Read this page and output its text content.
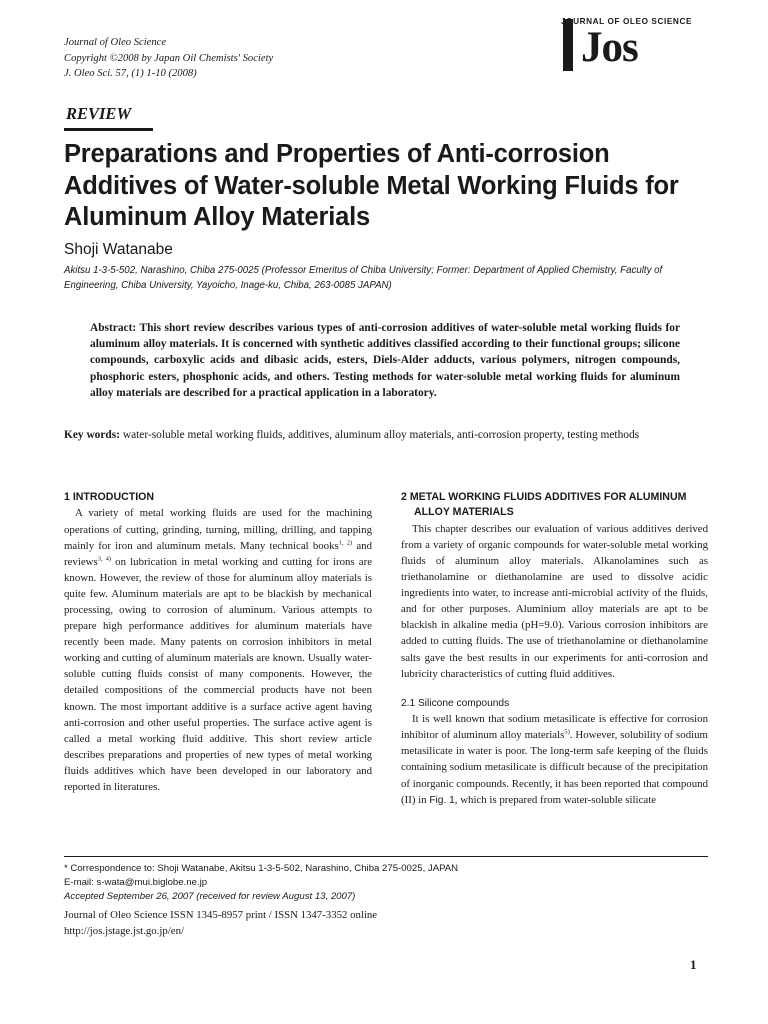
Journal of Oleo Science
Copyright ©2008 by Japan Oil Chemists' Society
J. Oleo Sci. 57, (1) 1-10 (2008)
JOURNAL OF OLEO SCIENCE
Jos
REVIEW
Preparations and Properties of Anti-corrosion Additives of Water-soluble Metal Working Fluids for Aluminum Alloy Materials
Shoji Watanabe
Akitsu 1-3-5-502, Narashino, Chiba 275-0025 (Professor Emeritus of Chiba University; Former: Department of Applied Chemistry, Faculty of Engineering, Chiba University, Yayoicho, Inage-ku, Chiba, 263-0085 JAPAN)
Abstract: This short review describes various types of anti-corrosion additives of water-soluble metal working fluids for aluminum alloy materials. It is concerned with synthetic additives classified according to their functional groups; silicone compounds, carboxylic acids and dibasic acids, esters, Diels-Alder adducts, various polymers, nitrogen compounds, phosphoric esters, phosphonic acids, and others. Testing methods for water-soluble metal working fluids for aluminum alloy materials are described for a practical application in a laboratory.
Key words: water-soluble metal working fluids, additives, aluminum alloy materials, anti-corrosion property, testing methods
1 INTRODUCTION

A variety of metal working fluids are used for the machining operations of cutting, grinding, turning, milling, drilling, and tapping mainly for iron and aluminum metals. Many technical books$^{1, 2)}$ and reviews$^{3, 4)}$ on lubrication in metal working and cutting for irons are known. However, the review of those for aluminum alloy materials is quite few. Aluminum materials are apt to be blackish by mechanical processing, owing to corrosion of aluminum. Various attempts to prepare high performance additives for aluminum materials have recently been made. Many patents on corrosion inhibitors in metal working and cutting of aluminum materials are known. Usually water-soluble cutting fluids consist of many components. However, the detailed compositions of the commercial products have not been known. The most important additive is a surface active agent having anti-corrosion and other useful properties. The surface active agent is called a metal working fluid additive. This short review article describes preparations and properties of new types of metal working fluids additives which have been developed in our laboratory and reported in literatures.

2 METAL WORKING FLUIDS ADDITIVES FOR ALUMINUM ALLOY MATERIALS

This chapter describes our evaluation of various additives derived from a variety of organic compounds for water-soluble metal working fluids of aluminum alloy materials. Alkanolamines such as triethanolamine or diethanolamine are used to dissolve acidic ingredients into water, to increase anti-microbial activity of the fluids, and for other purposes. Aluminium alloy materials are apt to be blackish in alkaline media (pH=9.0). Various corrosion inhibitors are added to cutting fluids. The use of triethanolamine or diethanolamine salts gave the best results in our experiments for anti-corrosion and lubricity characteristics of cutting fluid additives.

2.1 Silicone compounds

It is well known that sodium metasilicate is effective for corrosion inhibitor of aluminum alloy materials$^{5)}$. However, solubility of sodium metasilicate in water is poor. The long-term safe keeping of the fluids containing sodium metasilicate is difficult because of the precipitation of inorganic compounds. Recently, it has been reported that compound (II) in Fig. 1, which is prepared from water-soluble silicate

* Correspondence to: Shoji Watanabe, Akitsu 1-3-5-502, Narashino, Chiba 275-0025, JAPAN
E-mail: s-wata@mui.biglobe.ne.jp
Accepted September 26, 2007 (received for review August 13, 2007)
Journal of Oleo Science ISSN 1345-8957 print / ISSN 1347-3352 online
http://jos.jstage.jst.go.jp/en/
1
